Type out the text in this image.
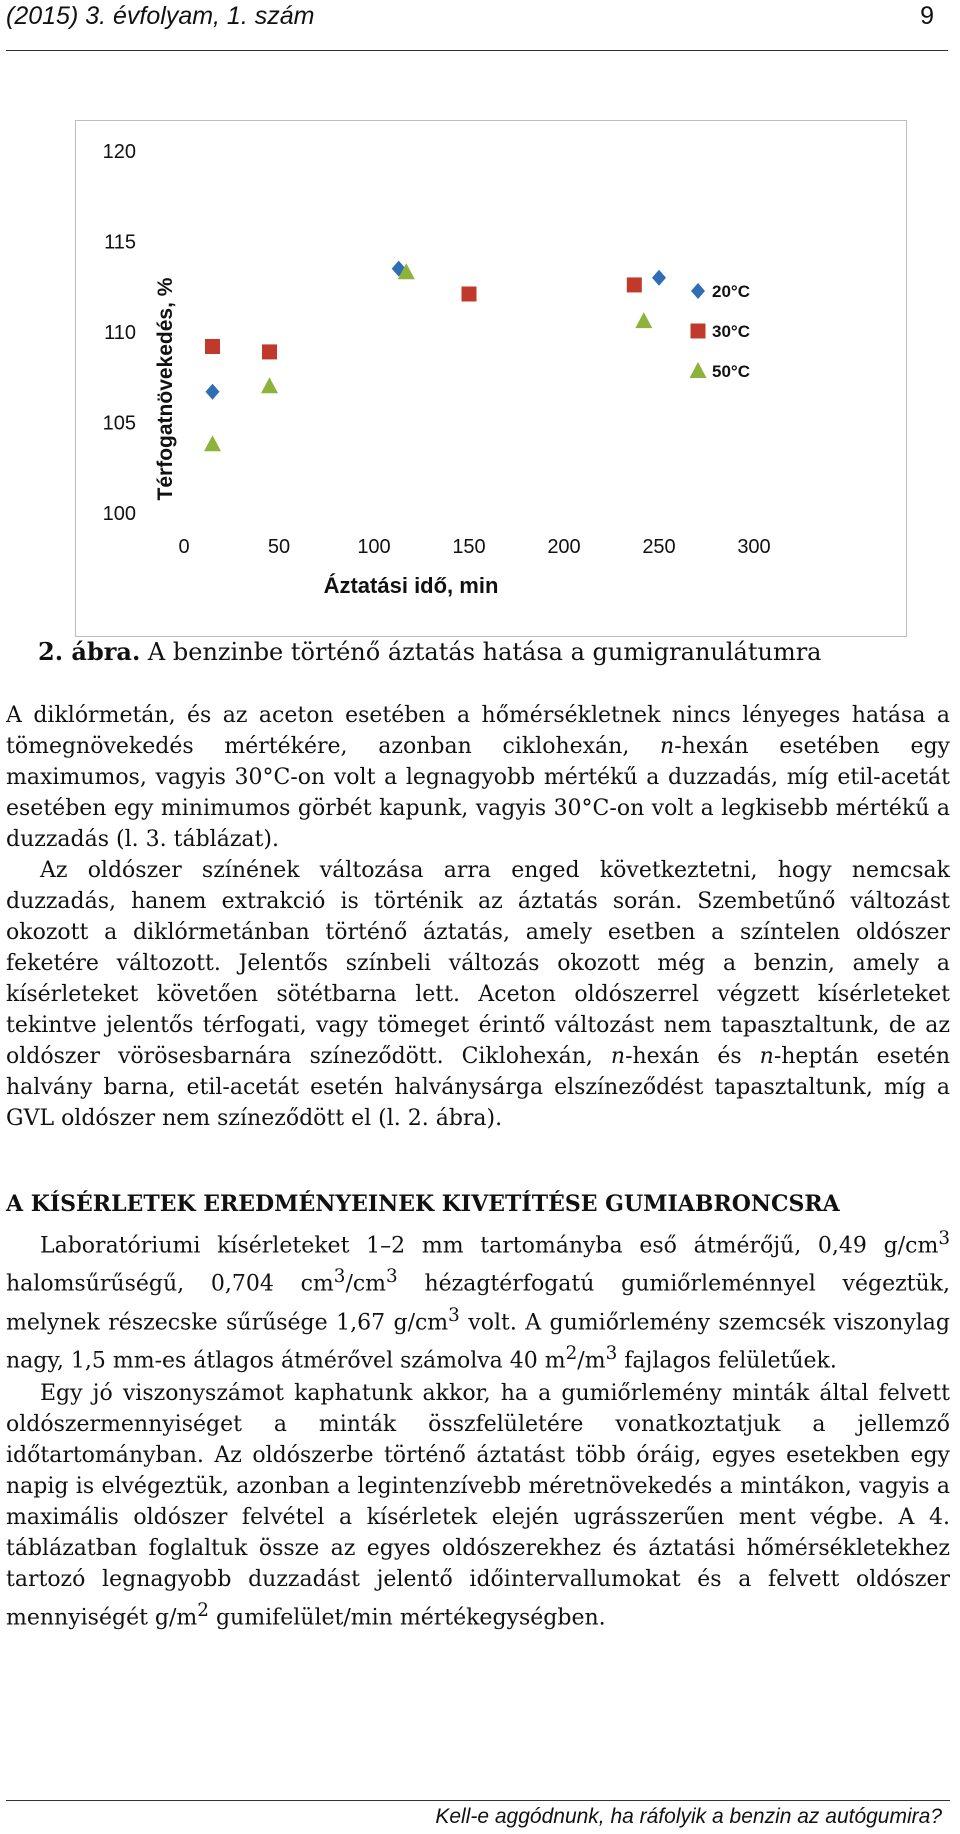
(2015) 3. évfolyam, 1. szám	9
Térfogatnövekedés, %
100
105
110
115
120
0	50	100	150	200	250	300
Áztatási idő, min
20°C
30°C
50°C
2. ábra. A benzinbe történő áztatás hatása a gumigranulátumra

A diklórmetán, és az aceton esetében a hőmérsékletnek nincs lényeges hatása a tömegnövekedés mértékére, azonban ciklohexán, n-hexán esetében egy maximumos, vagyis 30°C-on volt a legnagyobb mértékű a duzzadás, míg etil-acetát esetében egy minimumos görbét kapunk, vagyis 30°C-on volt a legkisebb mértékű a duzzadás (l. 3. táblázat).

Az oldószer színének változása arra enged következtetni, hogy nemcsak duzzadás, hanem extrakció is történik az áztatás során. Szembetűnő változást okozott a diklórmetánban történő áztatás, amely esetben a színtelen oldószer feketére változott. Jelentős színbeli változás okozott még a benzin, amely a kísérleteket követően sötétbarna lett. Aceton oldószerrel végzett kísérleteket tekintve jelentős térfogati, vagy tömeget érintő változást nem tapasztaltunk, de az oldószer vörösesbarnára színeződött. Ciklohexán, n-hexán és n-heptán esetén halvány barna, etil-acetát esetén halványsárga elszíneződést tapasztaltunk, míg a GVL oldószer nem színeződött el (l. 2. ábra).

A KÍSÉRLETEK EREDMÉNYEINEK KIVETÍTÉSE GUMIABRONCSRA

Laboratóriumi kísérleteket 1–2 mm tartományba eső átmérőjű, 0,49 $g/cm^3$ halomsűrűségű, 0,704 $cm^3/cm^3$ hézagtérfogatú gumiőrleménnyel végeztük, melynek részecske sűrűsége 1,67 $g/cm^3$ volt. A gumiőrlemény szemcsék viszonylag nagy, 1,5 mm-es átlagos átmérővel számolva 40 $m^2/m^3$ fajlagos felületűek.

Egy jó viszonyszámot kaphatunk akkor, ha a gumiőrlemény minták által felvett oldószermennyiséget a minták összfelületére vonatkoztatjuk a jellemző időtartományban. Az oldószerbe történő áztatást több óráig, egyes esetekben egy napig is elvégeztük, azonban a legintenzívebb méretnövekedés a mintákon, vagyis a maximális oldószer felvétel a kísérletek elején ugrásszerűen ment végbe. A 4. táblázatban foglaltuk össze az egyes oldószerekhez és áztatási hőmérsékletekhez tartozó legnagyobb duzzadást jelentő időintervallumokat és a felvett oldószer mennyiségét $g/m^2$ gumifelület/min mértékegységben.

Kell-e aggódnunk, ha ráfolyik a benzin az autógumira?
